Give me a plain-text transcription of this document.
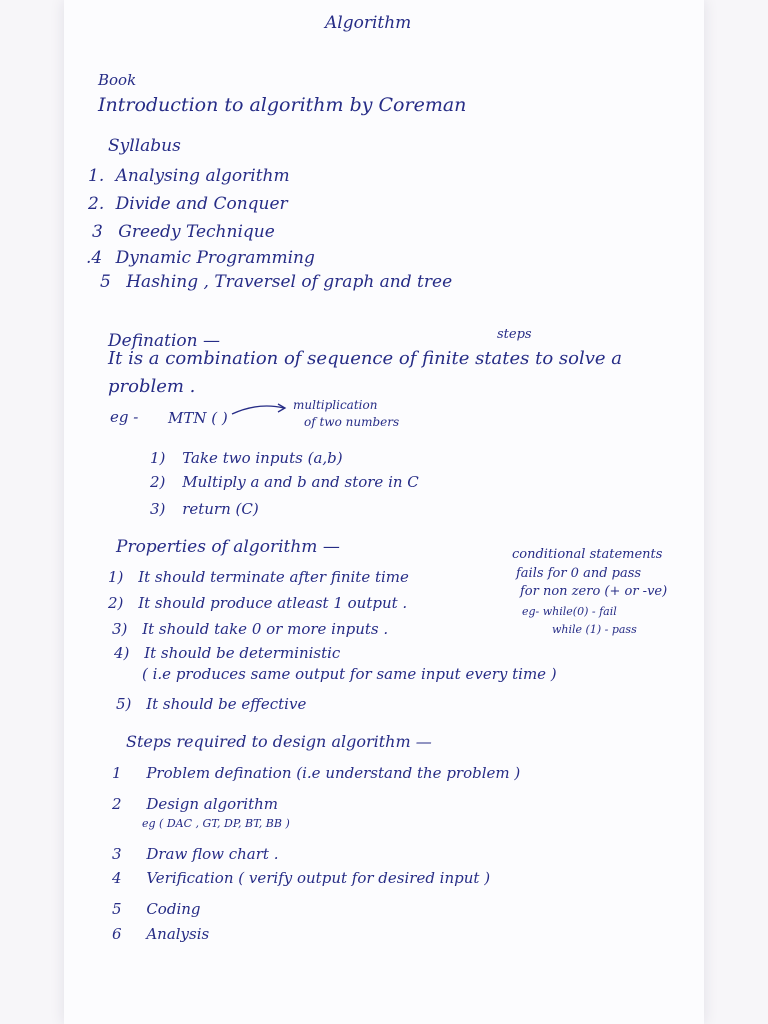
Algorithm
Book
Introduction to algorithm by Coreman
Syllabus
1. Analysing algorithm
2. Divide and Conquer
3 Greedy Technique
.4 Dynamic Programming
5 Hashing , Traversel of graph and tree
Defination —	steps
It is a combination of sequence of finite states to solve a
problem .
eg - MTN ( )
multiplication
of two numbers
1) Take two inputs (a,b)
2) Multiply a and b and store in C
3) return (C)
Properties of algorithm —
1) It should terminate after finite time
2) It should produce atleast 1 output .
3) It should take 0 or more inputs .
4) It should be deterministic
( i.e produces same output for same input every time )
5) It should be effective
conditional statements
fails for 0 and pass
for non zero (+ or -ve)
eg- while(0) - fail
while (1) - pass
Steps required to design algorithm —
1 Problem defination (i.e understand the problem )
2 Design algorithm
eg ( DAC , GT, DP, BT, BB )
3 Draw flow chart .
4 Verification ( verify output for desired input )
5 Coding
6 Analysis
